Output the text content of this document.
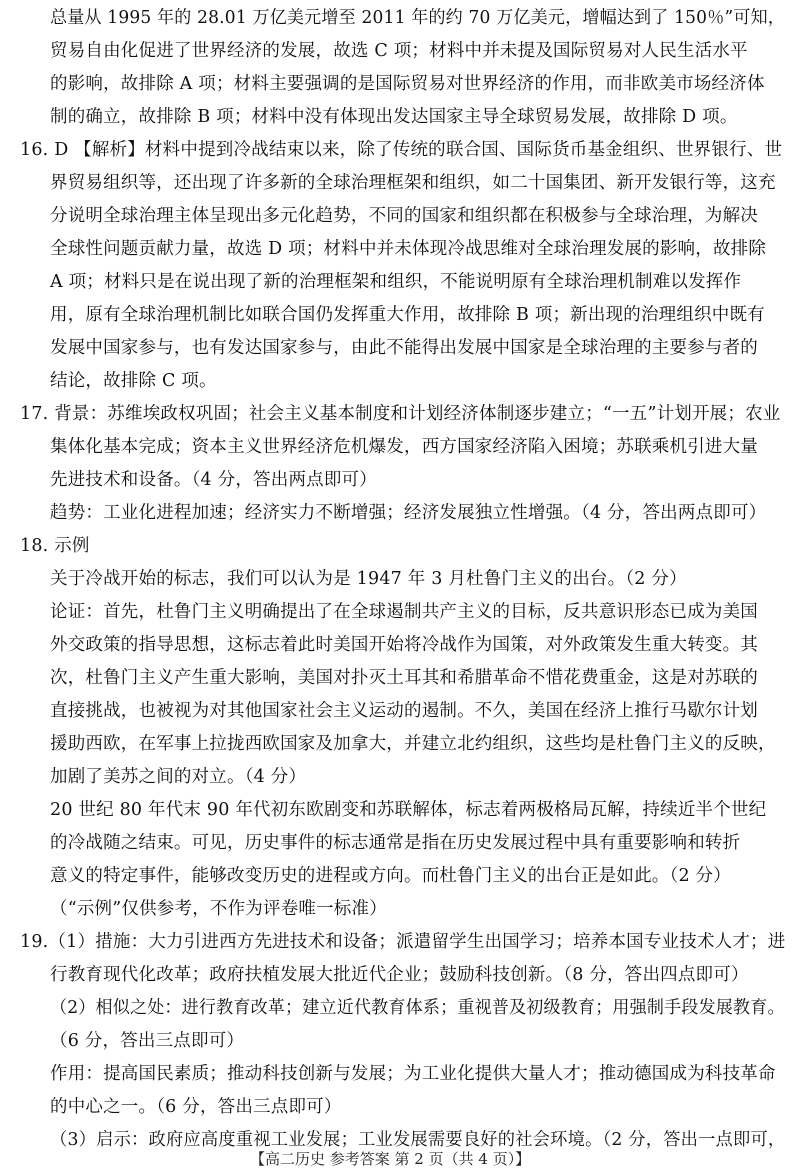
总量从 1995 年的 28.01 万亿美元增至 2011 年的约 70 万亿美元，增幅达到了 150％”可知，
贸易自由化促进了世界经济的发展，故选 C 项；材料中并未提及国际贸易对人民生活水平
的影响，故排除 A 项；材料主要强调的是国际贸易对世界经济的作用，而非欧美市场经济体
制的确立，故排除 B 项；材料中没有体现出发达国家主导全球贸易发展，故排除 D 项。
16. D 【解析】材料中提到冷战结束以来，除了传统的联合国、国际货币基金组织、世界银行、世
界贸易组织等，还出现了许多新的全球治理框架和组织，如二十国集团、新开发银行等，这充
分说明全球治理主体呈现出多元化趋势，不同的国家和组织都在积极参与全球治理，为解决
全球性问题贡献力量，故选 D 项；材料中并未体现冷战思维对全球治理发展的影响，故排除
A 项；材料只是在说出现了新的治理框架和组织，不能说明原有全球治理机制难以发挥作
用，原有全球治理机制比如联合国仍发挥重大作用，故排除 B 项；新出现的治理组织中既有
发展中国家参与，也有发达国家参与，由此不能得出发展中国家是全球治理的主要参与者的
结论，故排除 C 项。
17. 背景：苏维埃政权巩固；社会主义基本制度和计划经济体制逐步建立；“一五”计划开展；农业
集体化基本完成；资本主义世界经济危机爆发，西方国家经济陷入困境；苏联乘机引进大量
先进技术和设备。（4 分，答出两点即可）
趋势：工业化进程加速；经济实力不断增强；经济发展独立性增强。（4 分，答出两点即可）
18. 示例
关于冷战开始的标志，我们可以认为是 1947 年 3 月杜鲁门主义的出台。（2 分）
论证：首先，杜鲁门主义明确提出了在全球遏制共产主义的目标，反共意识形态已成为美国
外交政策的指导思想，这标志着此时美国开始将冷战作为国策，对外政策发生重大转变。其
次，杜鲁门主义产生重大影响，美国对扑灭土耳其和希腊革命不惜花费重金，这是对苏联的
直接挑战，也被视为对其他国家社会主义运动的遏制。不久，美国在经济上推行马歇尔计划
援助西欧，在军事上拉拢西欧国家及加拿大，并建立北约组织，这些均是杜鲁门主义的反映，
加剧了美苏之间的对立。（4 分）
20 世纪 80 年代末 90 年代初东欧剧变和苏联解体，标志着两极格局瓦解，持续近半个世纪
的冷战随之结束。可见，历史事件的标志通常是指在历史发展过程中具有重要影响和转折
意义的特定事件，能够改变历史的进程或方向。而杜鲁门主义的出台正是如此。（2 分）
（“示例”仅供参考，不作为评卷唯一标准）
19.（1）措施：大力引进西方先进技术和设备；派遣留学生出国学习；培养本国专业技术人才；进
行教育现代化改革；政府扶植发展大批近代企业；鼓励科技创新。（8 分，答出四点即可）
（2）相似之处：进行教育改革；建立近代教育体系；重视普及初级教育；用强制手段发展教育。
（6 分，答出三点即可）
作用：提高国民素质；推动科技创新与发展；为工业化提供大量人才；推动德国成为科技革命
的中心之一。（6 分，答出三点即可）
（3）启示：政府应高度重视工业发展；工业发展需要良好的社会环境。（2 分，答出一点即可，
【高二历史 参考答案 第 2 页（共 4 页）】
